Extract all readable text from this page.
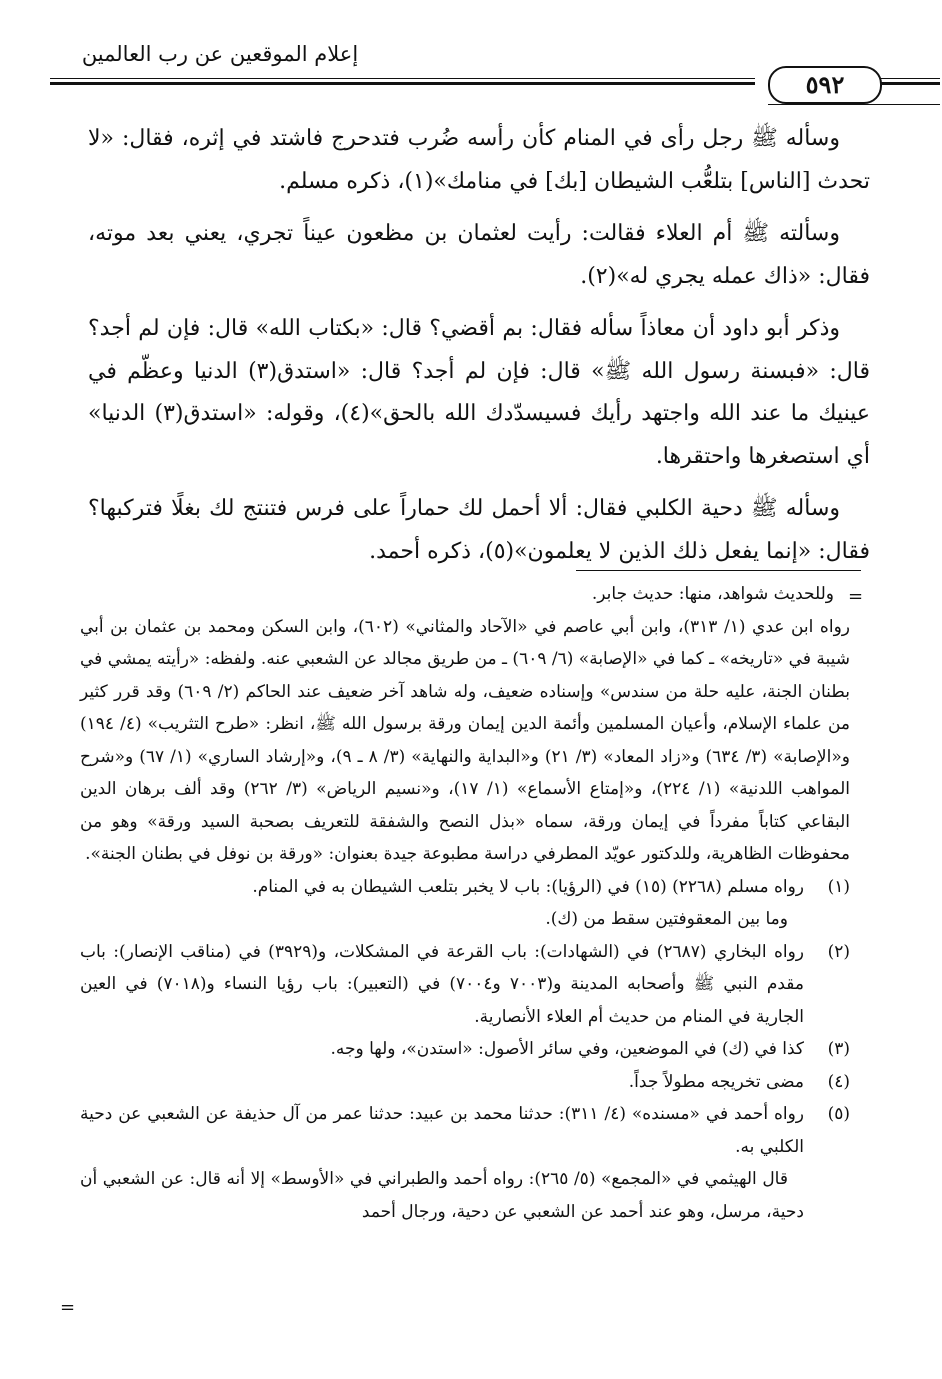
إعلام الموقعين عن رب العالمين
٥٩٢

وسأله ﷺ رجل رأى في المنام كأن رأسه ضُرب فتدحرج فاشتد في إثره، فقال: «لا تحدث [الناس] بتلعُّب الشيطان [بك] في منامك»(١)، ذكره مسلم.

وسألته ﷺ أم العلاء فقالت: رأيت لعثمان بن مظعون عيناً تجري، يعني بعد موته، فقال: «ذاك عمله يجري له»(٢).

وذكر أبو داود أن معاذاً سأله فقال: بم أقضي؟ قال: «بكتاب الله» قال: فإن لم أجد؟ قال: «فبسنة رسول الله ﷺ» قال: فإن لم أجد؟ قال: «استدق(٣) الدنيا وعظّم في عينيك ما عند الله واجتهد رأيك فسيسدّدك الله بالحق»(٤)، وقوله: «استدق(٣) الدنيا» أي استصغرها واحتقرها.

وسأله ﷺ دحية الكلبي فقال: ألا أحمل لك حماراً على فرس فتنتج لك بغلًا فتركبها؟ فقال: «إنما يفعل ذلك الذين لا يعلمون»(٥)، ذكره أحمد.

=

وللحديث شواهد، منها: حديث جابر.

رواه ابن عدي (١/ ٣١٣)، وابن أبي عاصم في «الآحاد والمثاني» (٦٠٢)، وابن السكن ومحمد بن عثمان بن أبي شيبة في «تاريخه» ـ كما في «الإصابة» (٦/ ٦٠٩) ـ من طريق مجالد عن الشعبي عنه. ولفظه: «رأيته يمشي في بطنان الجنة، عليه حلة من سندس» وإسناده ضعيف، وله شاهد آخر ضعيف عند الحاكم (٢/ ٦٠٩) وقد قرر كثير من علماء الإسلام، وأعيان المسلمين وأئمة الدين إيمان ورقة برسول الله ﷺ، انظر: «طرح التثريب» (٤/ ١٩٤) و«الإصابة» (٣/ ٦٣٤) و«زاد المعاد» (٣/ ٢١) و«البداية والنهاية» (٣/ ٨ ـ ٩)، و«إرشاد الساري» (١/ ٦٧) و«شرح المواهب اللدنية» (١/ ٢٢٤)، و«إمتاع الأسماع» (١/ ١٧)، و«نسيم الرياض» (٣/ ٢٦٢) وقد ألف برهان الدين البقاعي كتاباً مفرداً في إيمان ورقة، سماه «بذل النصح والشفقة للتعريف بصحبة السيد ورقة» وهو من محفوظات الظاهرية، وللدكتور عويّد المطرفي دراسة مطبوعة جيدة بعنوان: «ورقة بن نوفل في بطنان الجنة».

(١)
رواه مسلم (٢٢٦٨) (١٥) في (الرؤيا): باب لا يخبر بتلعب الشيطان به في المنام.
وما بين المعقوفتين سقط من (ك).
(٢)
رواه البخاري (٢٦٨٧) في (الشهادات): باب القرعة في المشكلات، و(٣٩٢٩) في (مناقب الإنصار): باب مقدم النبي ﷺ وأصحابه المدينة و(٧٠٠٣ و٧٠٠٤) في (التعبير): باب رؤيا النساء و(٧٠١٨) في العين الجارية في المنام من حديث أم العلاء الأنصارية.
(٣)
كذا في (ك) في الموضعين، وفي سائر الأصول: «استدن»، ولها وجه.
(٤)
مضى تخريجه مطولاً جداً.
(٥)
رواه أحمد في «مسنده» (٤/ ٣١١): حدثنا محمد بن عبيد: حدثنا عمر من آل حذيفة عن الشعبي عن دحية الكلبي به.
قال الهيثمي في «المجمع» (٥/ ٢٦٥): رواه أحمد والطبراني في «الأوسط» إلا أنه قال: عن الشعبي أن دحية، مرسل، وهو عند أحمد عن الشعبي عن دحية، ورجال أحمد
=
